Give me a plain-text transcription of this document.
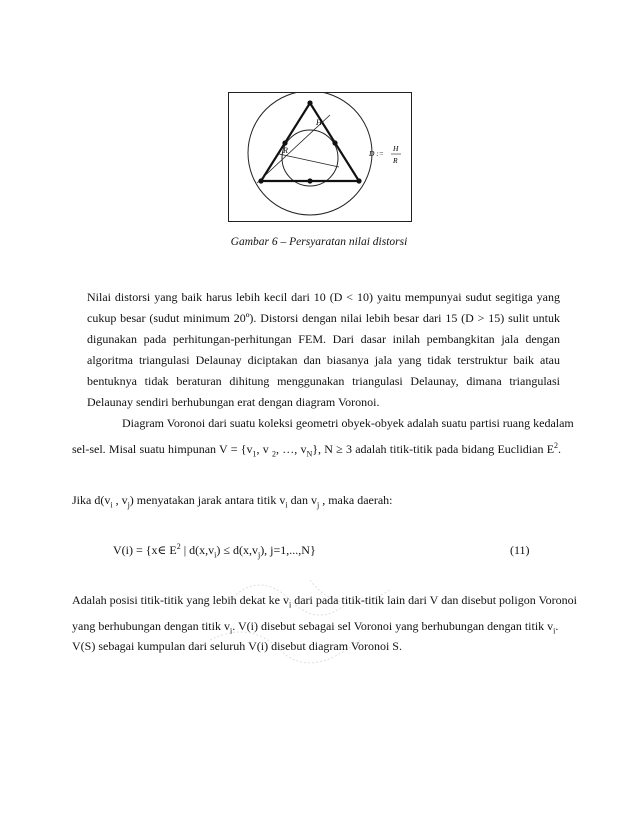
H
R	D :=
H
R
Gambar 6 – Persyaratan nilai distorsi
Nilai distorsi yang baik harus lebih kecil dari 10 (D < 10) yaitu mempunyai sudut segitiga yang cukup besar (sudut minimum 20º). Distorsi dengan nilai lebih besar dari 15 (D > 15) sulit untuk digunakan pada perhitungan-perhitungan FEM. Dari dasar inilah pembangkitan jala dengan algoritma triangulasi Delaunay diciptakan dan biasanya jala yang tidak terstruktur baik atau bentuknya tidak beraturan dihitung menggunakan triangulasi Delaunay, dimana triangulasi Delaunay sendiri berhubungan erat dengan diagram Voronoi.
Diagram Voronoi dari suatu koleksi geometri obyek-obyek adalah suatu partisi ruang kedalam
sel-sel. Misal suatu himpunan $V = \{v_1$, v $_2$, …, $v_N$}, N ≥ 3 adalah titik-titik pada bidang Euclidian $E^2$.
Jika $d(v_i$ , $v_j$) menyatakan jarak antara titik $v_i$ dan $v_j$ , maka daerah:
V(i) = {x∈ $E^2$ | $d(x,v_i) \le d(x,v_j)$, j=1,...,N}	(11)
Adalah posisi titik-titik yang lebih dekat ke $v_i$ dari pada titik-titik lain dari V dan disebut poligon Voronoi
yang berhubungan dengan titik $v_i$. V(i) disebut sebagai sel Voronoi yang berhubungan dengan titik $v_i$.
V(S) sebagai kumpulan dari seluruh V(i) disebut diagram Voronoi S.
